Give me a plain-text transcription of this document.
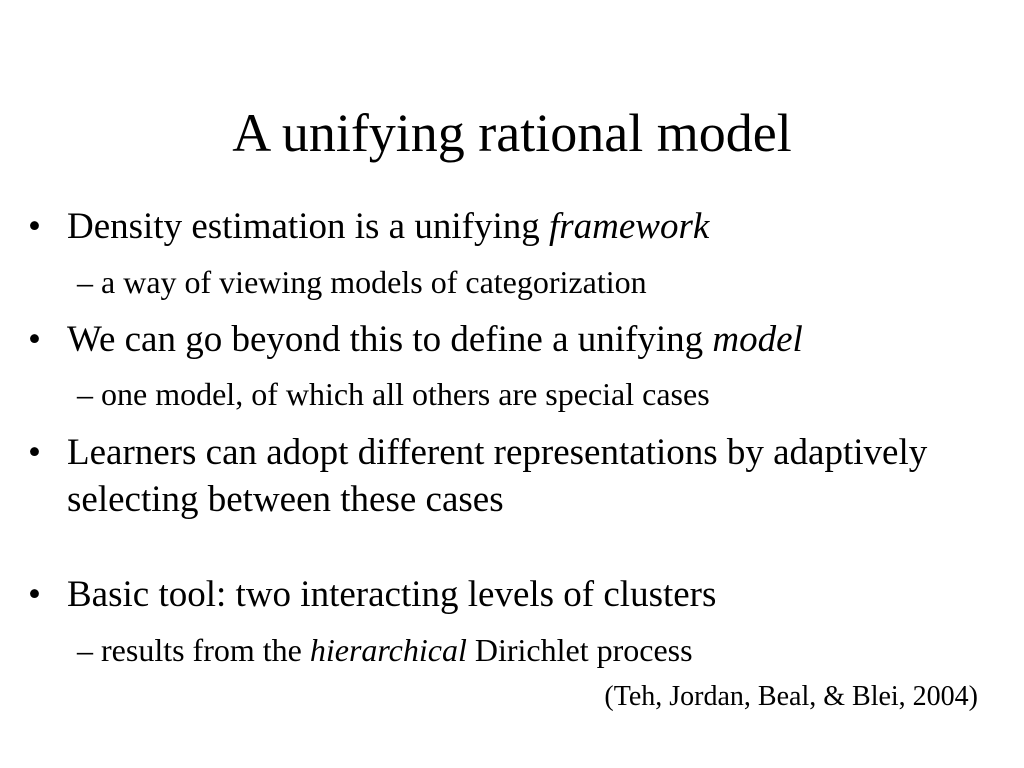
A unifying rational model
• Density estimation is a unifying framework
– a way of viewing models of categorization
• We can go beyond this to define a unifying model
– one model, of which all others are special cases
• Learners can adopt different representations by adaptively selecting between these cases
• Basic tool: two interacting levels of clusters
– results from the hierarchical Dirichlet process
(Teh, Jordan, Beal, & Blei, 2004)
